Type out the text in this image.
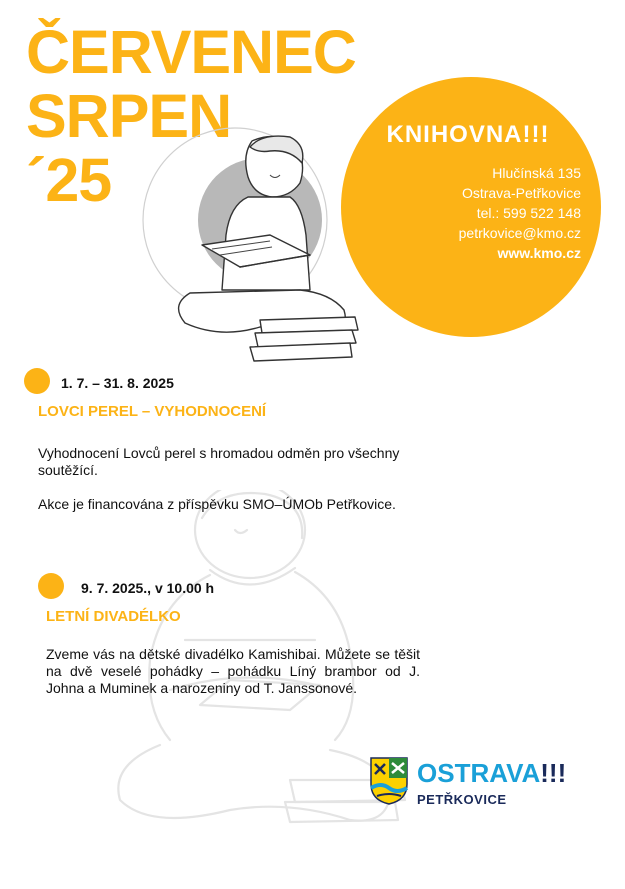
ČERVENEC
SRPEN
´25
KNIHOVNA!!!
Hlučínská 135
Ostrava-Petřkovice
tel.: 599 522 148
petrkovice@kmo.cz
www.kmo.cz
1. 7. – 31. 8. 2025
LOVCI PEREL – VYHODNOCENÍ

Vyhodnocení Lovců perel s hromadou odměn pro všechny soutěžící.

Akce je financována z příspěvku SMO–ÚMOb Petřkovice.

9. 7. 2025., v 10.00 h
LETNÍ DIVADÉLKO

Zveme vás na dětské divadélko Kamishibai. Můžete se těšit na dvě veselé pohádky – pohádku Líný brambor od J. Johna a Muminek a narozeniny od T. Janssonové.

OSTRAVA!!!
PETŘKOVICE
